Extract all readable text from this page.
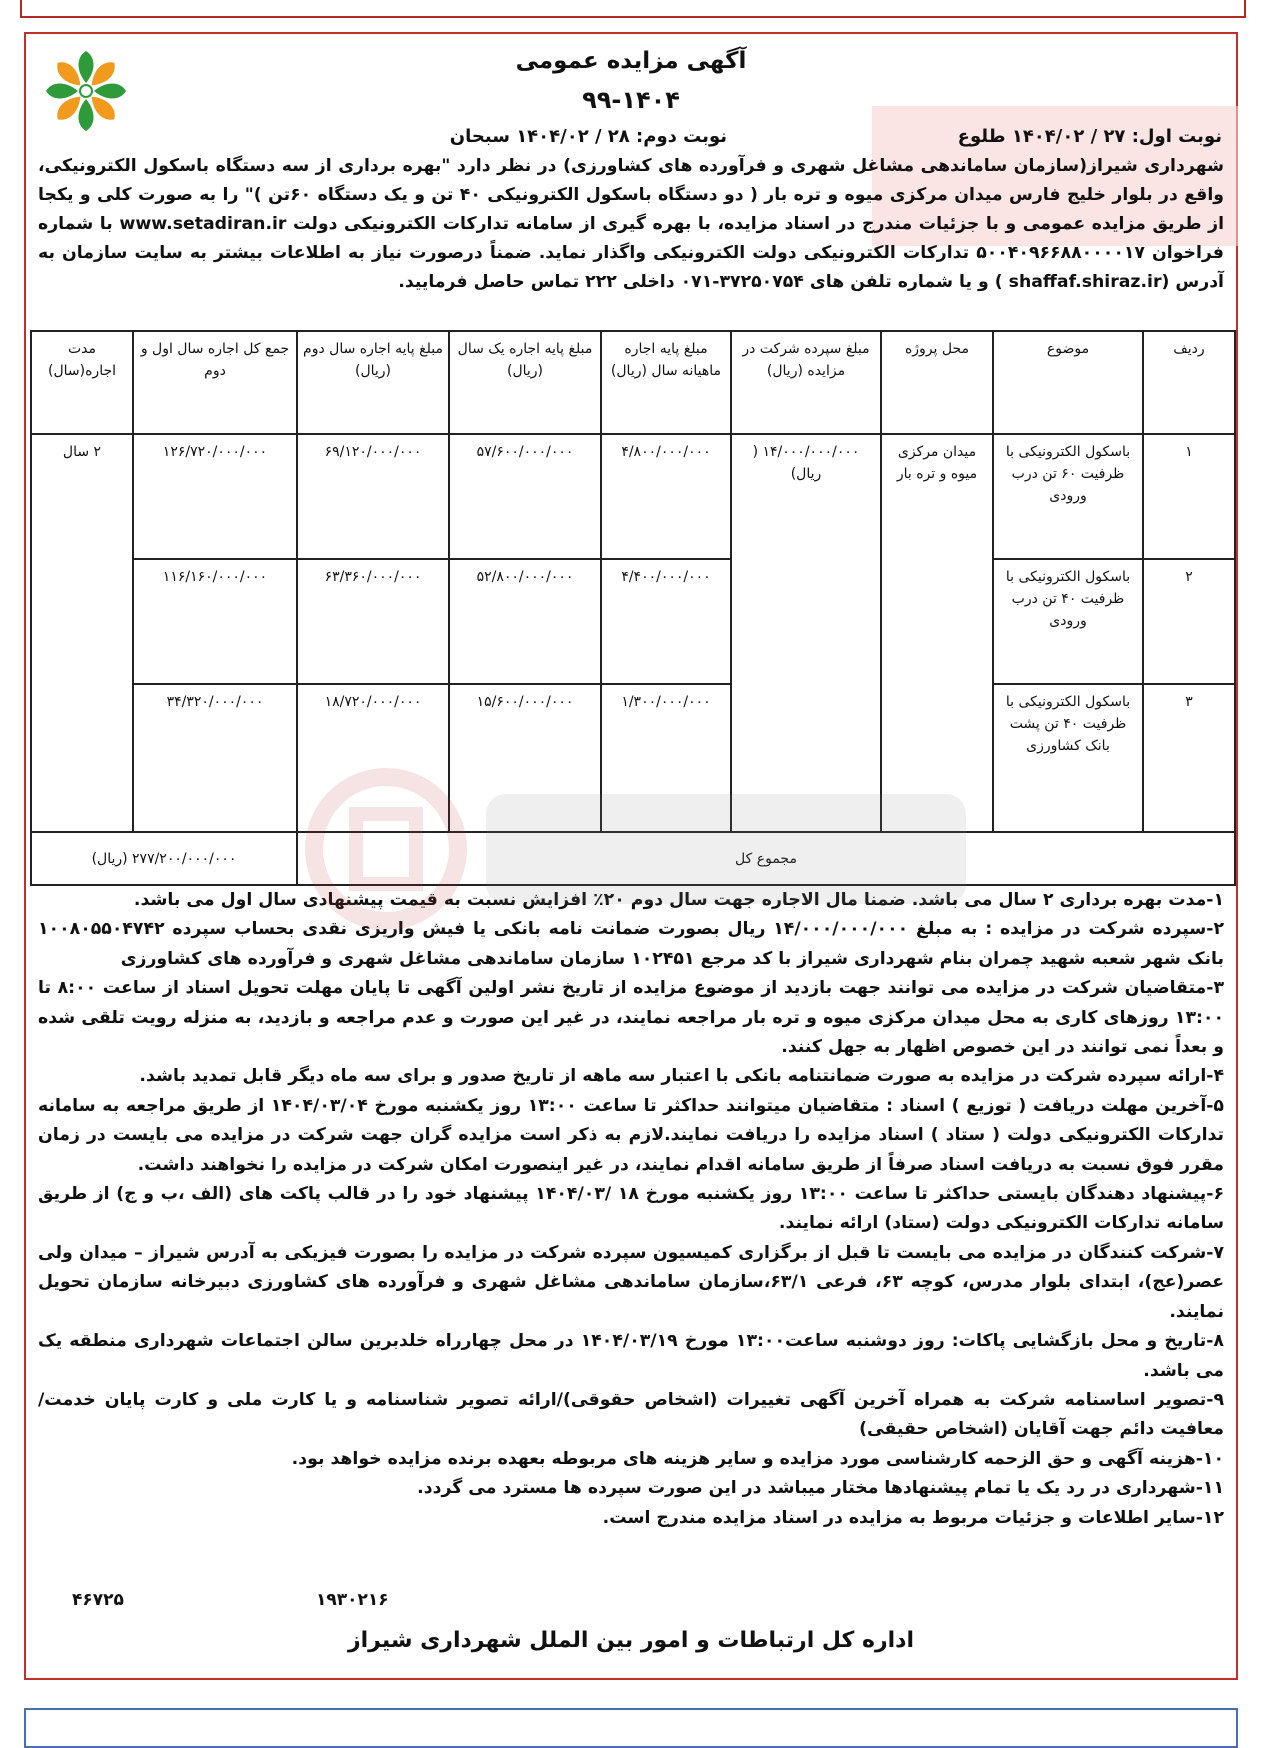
آگهی مزایده عمومی
۹۹-۱۴۰۴
نوبت اول: ۲۷ / ۱۴۰۴/۰۲ طلوع
نوبت دوم: ۲۸ / ۱۴۰۴/۰۲ سبحان
شهرداری شیراز(سازمان ساماندهی مشاغل شهری و فرآورده های کشاورزی) در نظر دارد "بهره برداری از سه دستگاه باسکول الکترونیکی، واقع در بلوار خلیج فارس میدان مرکزی میوه و تره بار ( دو دستگاه باسکول الکترونیکی ۴۰ تن و یک دستگاه ۶۰تن )" را به صورت کلی و یکجا از طریق مزایده عمومی و با جزئیات مندرج در اسناد مزایده، با بهره گیری از سامانه تدارکات الکترونیکی دولت www.setadiran.ir با شماره فراخوان ۵۰۰۴۰۹۶۶۸۸۰۰۰۰۱۷ تدارکات الکترونیکی دولت الکترونیکی واگذار نماید. ضمناً درصورت نیاز به اطلاعات بیشتر به سایت سازمان به آدرس (shaffaf.shiraz.ir ) و یا شماره تلفن های ۳۷۲۵۰۷۵۴-۰۷۱ داخلی ۲۲۲ تماس حاصل فرمایید.
ردیف	موضوع	محل پروژه	مبلغ سپرده شرکت در مزایده (ریال)	مبلغ پایه اجاره ماهیانه سال (ریال)	مبلغ پایه اجاره یک سال (ریال)	مبلغ پایه اجاره سال دوم (ریال)	جمع کل اجاره سال اول و دوم	مدت اجاره(سال)
۱	باسکول الکترونیکی با ظرفیت ۶۰ تن درب ورودی	میدان مرکزی میوه و تره بار	۱۴/۰۰۰/۰۰۰/۰۰۰ ( ریال)	۴/۸۰۰/۰۰۰/۰۰۰	۵۷/۶۰۰/۰۰۰/۰۰۰	۶۹/۱۲۰/۰۰۰/۰۰۰	۱۲۶/۷۲۰/۰۰۰/۰۰۰	۲ سال
۲	باسکول الکترونیکی با ظرفیت ۴۰ تن درب ورودی			۴/۴۰۰/۰۰۰/۰۰۰	۵۲/۸۰۰/۰۰۰/۰۰۰	۶۳/۳۶۰/۰۰۰/۰۰۰	۱۱۶/۱۶۰/۰۰۰/۰۰۰	
۳	باسکول الکترونیکی با ظرفیت ۴۰ تن پشت بانک کشاورزی			۱/۳۰۰/۰۰۰/۰۰۰	۱۵/۶۰۰/۰۰۰/۰۰۰	۱۸/۷۲۰/۰۰۰/۰۰۰	۳۴/۳۲۰/۰۰۰/۰۰۰	
مجموع کل							۲۷۷/۲۰۰/۰۰۰/۰۰۰ (ریال)	

۱-مدت بهره برداری ۲ سال می باشد. ضمنا مال الاجاره جهت سال دوم ۲۰٪ افزایش نسبت به قیمت پیشنهادی سال اول می باشد.

۲-سپرده شرکت در مزایده : به مبلغ ۱۴/۰۰۰/۰۰۰/۰۰۰ ریال بصورت ضمانت نامه بانکی یا فیش واریزی نقدی بحساب سپرده ۱۰۰۸۰۵۵۰۴۷۴۲ بانک شهر شعبه شهید چمران بنام شهرداری شیراز با کد مرجع ۱۰۲۴۵۱ سازمان ساماندهی مشاغل شهری و فرآورده های کشاورزی

۳-متقاضیان شرکت در مزایده می توانند جهت بازدید از موضوع مزایده از تاریخ نشر اولین آگهی تا پایان مهلت تحویل اسناد از ساعت ۸:۰۰ تا ۱۳:۰۰ روزهای کاری به محل میدان مرکزی میوه و تره بار مراجعه نمایند، در غیر این صورت و عدم مراجعه و بازدید، به منزله رویت تلقی شده و بعداً نمی توانند در این خصوص اظهار به جهل کنند.

۴-ارائه سپرده شرکت در مزایده به صورت ضمانتنامه بانکی با اعتبار سه ماهه از تاریخ صدور و برای سه ماه دیگر قابل تمدید باشد.

۵-آخرین مهلت دریافت ( توزیع ) اسناد : متقاضیان میتوانند حداکثر تا ساعت ۱۳:۰۰ روز یکشنبه مورخ ۱۴۰۴/۰۳/۰۴ از طریق مراجعه به سامانه تدارکات الکترونیکی دولت ( ستاد ) اسناد مزایده را دریافت نمایند.لازم به ذکر است مزایده گران جهت شرکت در مزایده می بایست در زمان مقرر فوق نسبت به دریافت اسناد صرفاً از طریق سامانه اقدام نمایند، در غیر اینصورت امکان شرکت در مزایده را نخواهند داشت.

۶-پیشنهاد دهندگان بایستی حداکثر تا ساعت ۱۳:۰۰ روز یکشنبه مورخ ۱۸ /۱۴۰۴/۰۳ پیشنهاد خود را در قالب پاکت های (الف ،ب و ج) از طریق سامانه تدارکات الکترونیکی دولت (ستاد) ارائه نمایند.

۷-شرکت کنندگان در مزایده می بایست تا قبل از برگزاری کمیسیون سپرده شرکت در مزایده را بصورت فیزیکی به آدرس شیراز – میدان ولی عصر(عج)، ابتدای بلوار مدرس، کوچه ۶۳، فرعی ۶۳/۱،سازمان ساماندهی مشاغل شهری و فرآورده های کشاورزی دبیرخانه سازمان تحویل نمایند.

۸-تاریخ و محل بازگشایی پاکات: روز دوشنبه ساعت۱۳:۰۰ مورخ ۱۴۰۴/۰۳/۱۹ در محل چهارراه خلدبرین سالن اجتماعات شهرداری منطقه یک می باشد.

۹-تصویر اساسنامه شرکت به همراه آخرین آگهی تغییرات (اشخاص حقوقی)/ارائه تصویر شناسنامه و یا کارت ملی و کارت پایان خدمت/ معافیت دائم جهت آقایان (اشخاص حقیقی)

۱۰-هزینه آگهی و حق الزحمه کارشناسی مورد مزایده و سایر هزینه های مربوطه بعهده برنده مزایده خواهد بود.

۱۱-شهرداری در رد یک یا تمام پیشنهادها مختار میباشد در این صورت سپرده ها مسترد می گردد.

۱۲-سایر اطلاعات و جزئیات مربوط به مزایده در اسناد مزایده مندرج است.

۴۶۷۲۵	۱۹۳۰۲۱۶
اداره کل ارتباطات و امور بین الملل شهرداری شیراز
